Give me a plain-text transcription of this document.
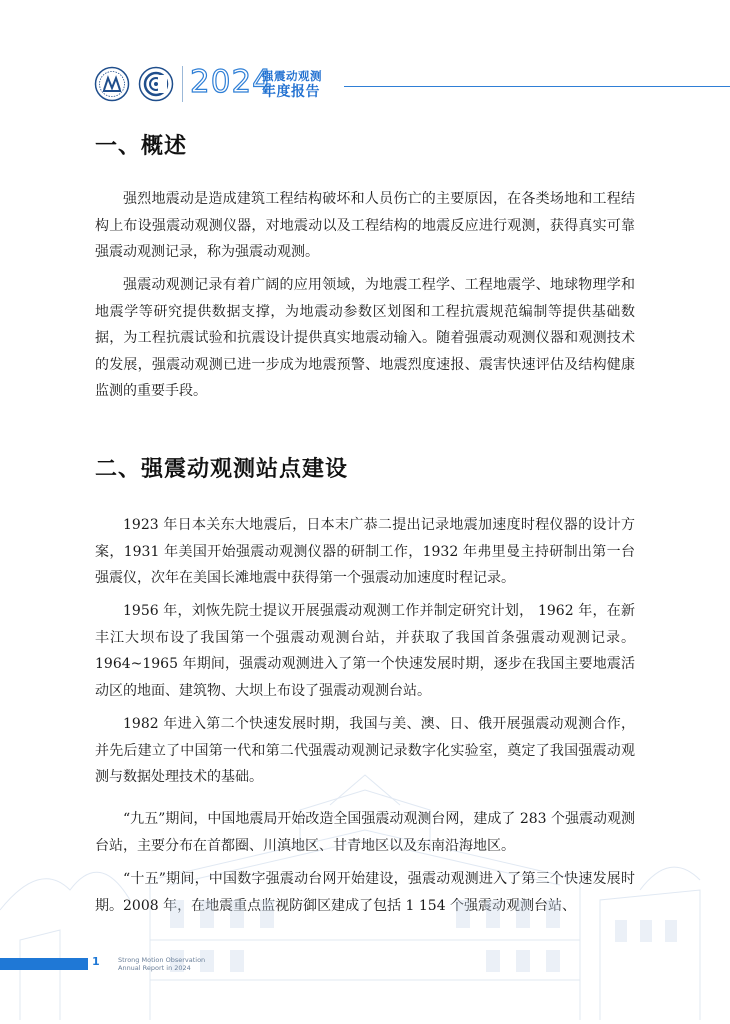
2024
强震动观测
年度报告
一、概述

强烈地震动是造成建筑工程结构破坏和人员伤亡的主要原因，在各类场地和工程结构上布设强震动观测仪器，对地震动以及工程结构的地震反应进行观测，获得真实可靠强震动观测记录，称为强震动观测。

强震动观测记录有着广阔的应用领域，为地震工程学、工程地震学、地球物理学和地震学等研究提供数据支撑，为地震动参数区划图和工程抗震规范编制等提供基础数据，为工程抗震试验和抗震设计提供真实地震动输入。随着强震动观测仪器和观测技术的发展，强震动观测已进一步成为地震预警、地震烈度速报、震害快速评估及结构健康监测的重要手段。

二、强震动观测站点建设

1923 年日本关东大地震后，日本末广恭二提出记录地震加速度时程仪器的设计方案，1931 年美国开始强震动观测仪器的研制工作，1932 年弗里曼主持研制出第一台强震仪，次年在美国长滩地震中获得第一个强震动加速度时程记录。

1956 年，刘恢先院士提议开展强震动观测工作并制定研究计划， 1962 年，在新丰江大坝布设了我国第一个强震动观测台站，并获取了我国首条强震动观测记录。1964~1965 年期间，强震动观测进入了第一个快速发展时期，逐步在我国主要地震活动区的地面、建筑物、大坝上布设了强震动观测台站。

1982 年进入第二个快速发展时期，我国与美、澳、日、俄开展强震动观测合作，并先后建立了中国第一代和第二代强震动观测记录数字化实验室，奠定了我国强震动观测与数据处理技术的基础。

“九五”期间，中国地震局开始改造全国强震动观测台网，建成了 283 个强震动观测台站，主要分布在首都圈、川滇地区、甘青地区以及东南沿海地区。

“十五”期间，中国数字强震动台网开始建设，强震动观测进入了第三个快速发展时期。2008 年，在地震重点监视防御区建成了包括 1 154 个强震动观测台站、

1	Strong Motion Observation
Annual Report in 2024
